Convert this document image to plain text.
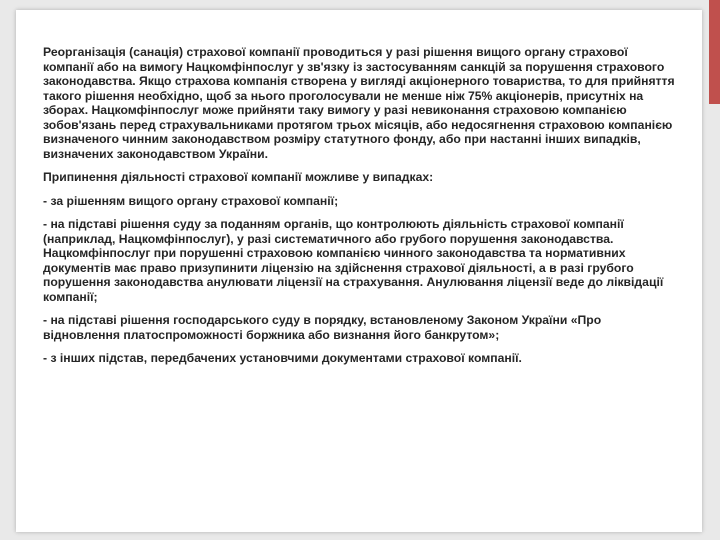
Реорганізація (санація) страхової компанії проводиться у разі рішення вищого органу страхової компанії або на вимогу Нацкомфінпослуг у зв'язку із застосуванням санкцій за порушення страхового законодавства. Якщо страхова компанія створена у вигляді акціонерного товариства, то для прийняття такого рішення необхідно, щоб за нього проголосували не менше ніж 75% акціонерів, присутніх на зборах. Нацкомфінпослуг може прийняти таку вимогу у разі невиконання страховою компанією зобов'язань перед страхувальниками протягом трьох місяців, або недосягнення страховою компанією визначеного чинним законодавством розміру статутного фонду, або при настанні інших випадків, визначених законодавством України.

Припинення діяльності страхової компанії можливе у випадках:

- за рішенням вищого органу страхової компанії;

- на підставі рішення суду за поданням органів, що контролюють діяльність страхової компанії (наприклад, Нацкомфінпослуг), у разі систематичного або грубого порушення законодавства. Нацкомфінпослуг при порушенні страховою компанією чинного законодавства та нормативних документів має право призупинити ліцензію на здійснення страхової діяльності, а в разі грубого порушення законодавства анулювати ліцензії на страхування. Анулювання ліцензії веде до ліквідації компанії;

- на підставі рішення господарського суду в порядку, встановленому Законом України «Про відновлення платоспроможності боржника або визнання його банкрутом»;

- з інших підстав, передбачених установчими документами страхової компанії.
